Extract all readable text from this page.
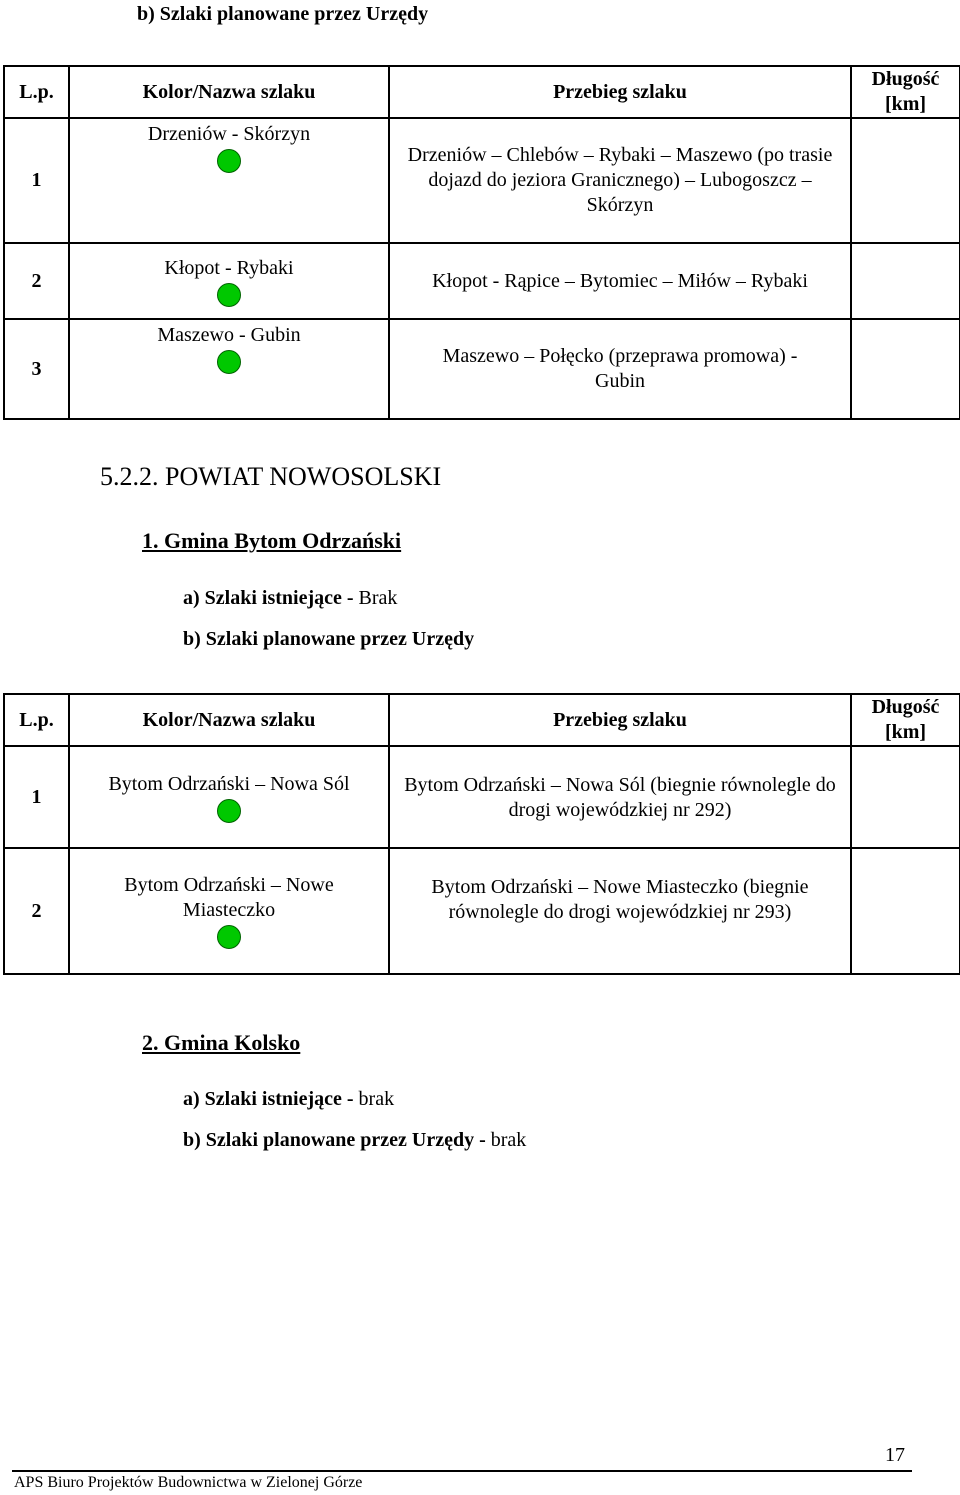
b) Szlaki planowane przez Urzędy
L.p.	Kolor/Nazwa szlaku	Przebieg szlaku	Długość [km]
1	Drzeniów - Skórzyn	Drzeniów – Chlebów – Rybaki – Maszewo (po trasie dojazd do jeziora Granicznego) – Lubogoszcz – Skórzyn	
2	Kłopot - Rybaki	Kłopot - Rąpice – Bytomiec – Miłów – Rybaki	
3	Maszewo - Gubin	Maszewo – Połęcko (przeprawa promowa) - Gubin	
5.2.2. POWIAT NOWOSOLSKI
1. Gmina Bytom Odrzański
a) Szlaki istniejące - Brak
b) Szlaki planowane przez Urzędy
L.p.	Kolor/Nazwa szlaku	Przebieg szlaku	Długość [km]
1	Bytom Odrzański – Nowa Sól	Bytom Odrzański – Nowa Sól (biegnie równolegle do drogi wojewódzkiej nr 292)	
2	Bytom Odrzański – Nowe Miasteczko	Bytom Odrzański – Nowe Miasteczko (biegnie równolegle do drogi wojewódzkiej nr 293)	
2. Gmina Kolsko
a) Szlaki istniejące - brak
b) Szlaki planowane przez Urzędy - brak
17
APS Biuro Projektów Budownictwa w Zielonej Górze
